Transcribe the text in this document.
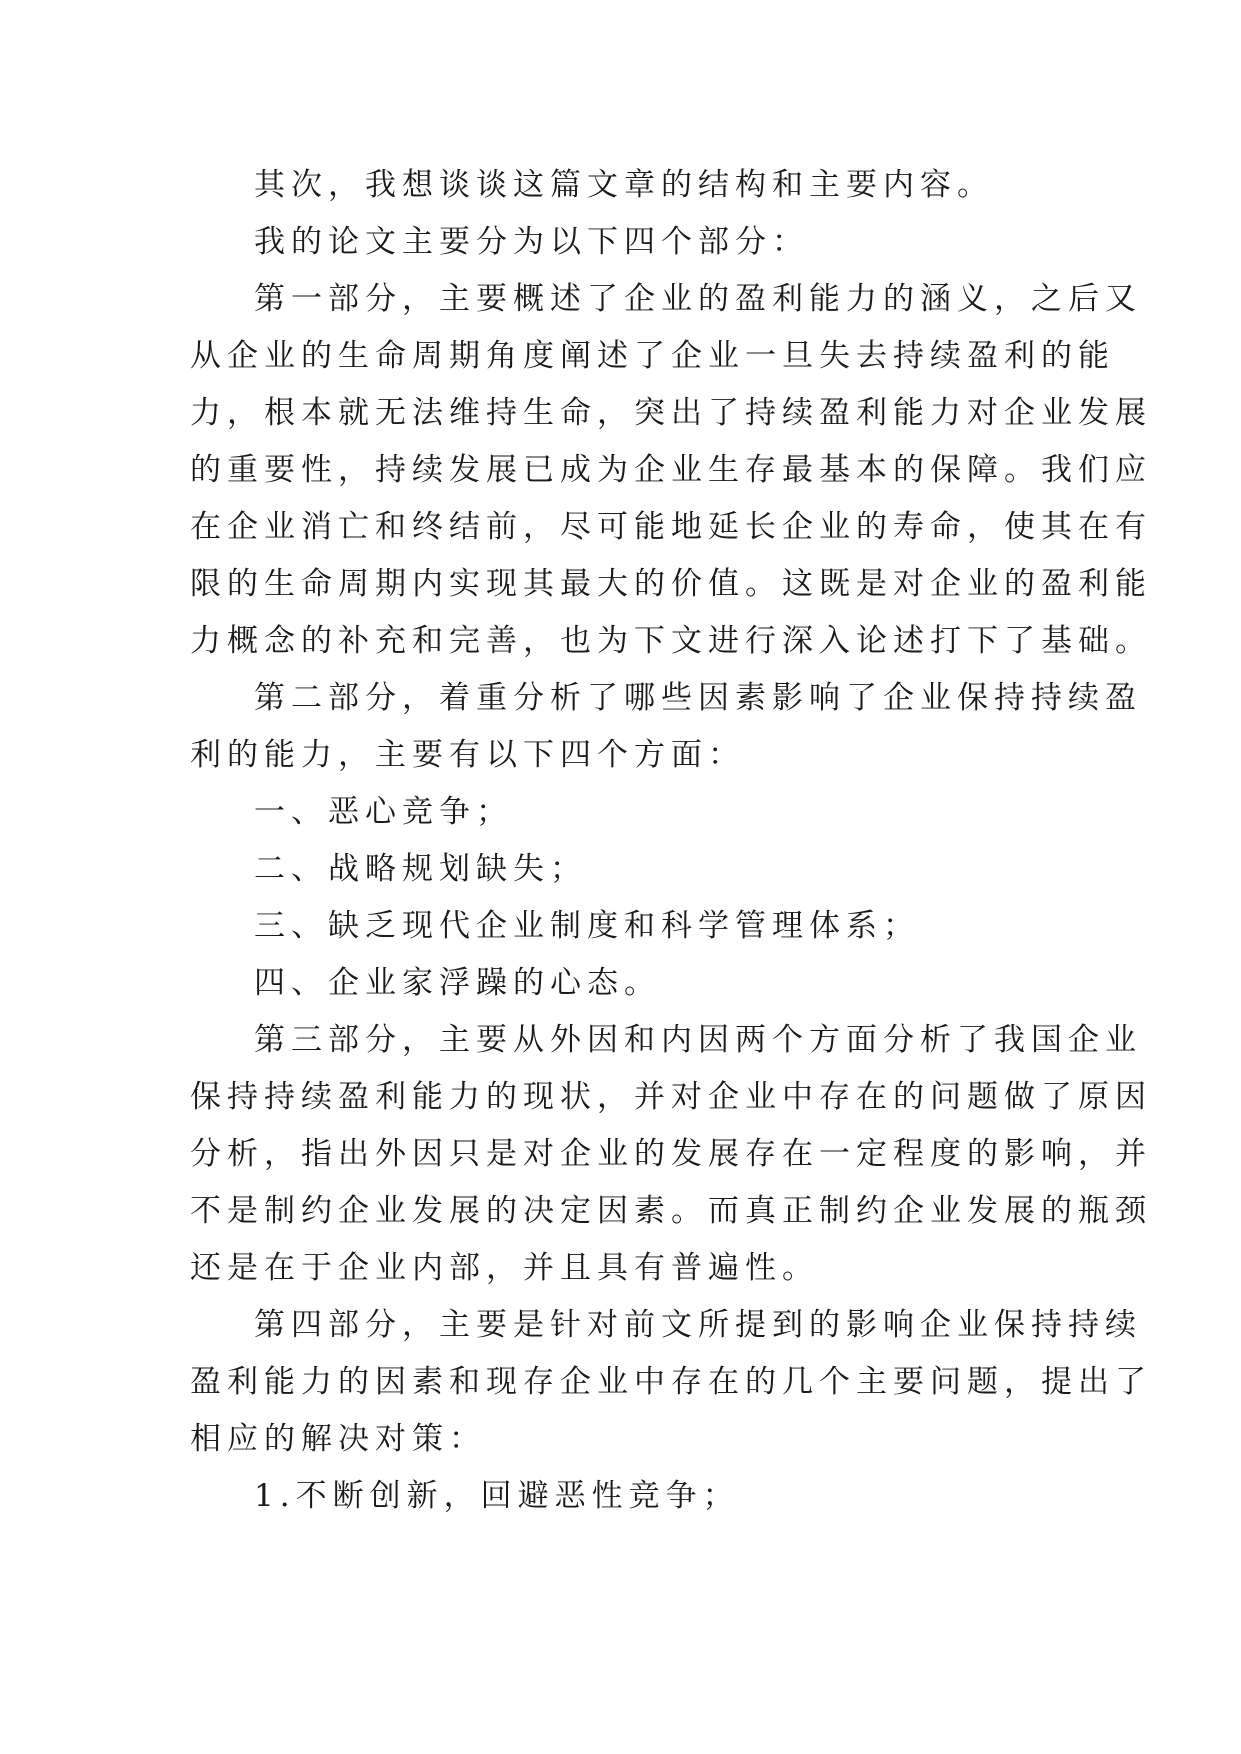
其次，我想谈谈这篇文章的结构和主要内容。
我的论文主要分为以下四个部分：
第一部分，主要概述了企业的盈利能力的涵义，之后又
从企业的生命周期角度阐述了企业一旦失去持续盈利的能
力，根本就无法维持生命，突出了持续盈利能力对企业发展
的重要性，持续发展已成为企业生存最基本的保障。我们应
在企业消亡和终结前，尽可能地延长企业的寿命，使其在有
限的生命周期内实现其最大的价值。这既是对企业的盈利能
力概念的补充和完善，也为下文进行深入论述打下了基础。
第二部分，着重分析了哪些因素影响了企业保持持续盈
利的能力，主要有以下四个方面：
一、恶心竞争；
二、战略规划缺失；
三、缺乏现代企业制度和科学管理体系；
四、企业家浮躁的心态。
第三部分，主要从外因和内因两个方面分析了我国企业
保持持续盈利能力的现状，并对企业中存在的问题做了原因
分析，指出外因只是对企业的发展存在一定程度的影响，并
不是制约企业发展的决定因素。而真正制约企业发展的瓶颈
还是在于企业内部，并且具有普遍性。
第四部分，主要是针对前文所提到的影响企业保持持续
盈利能力的因素和现存企业中存在的几个主要问题，提出了
相应的解决对策：
1.不断创新，回避恶性竞争；
